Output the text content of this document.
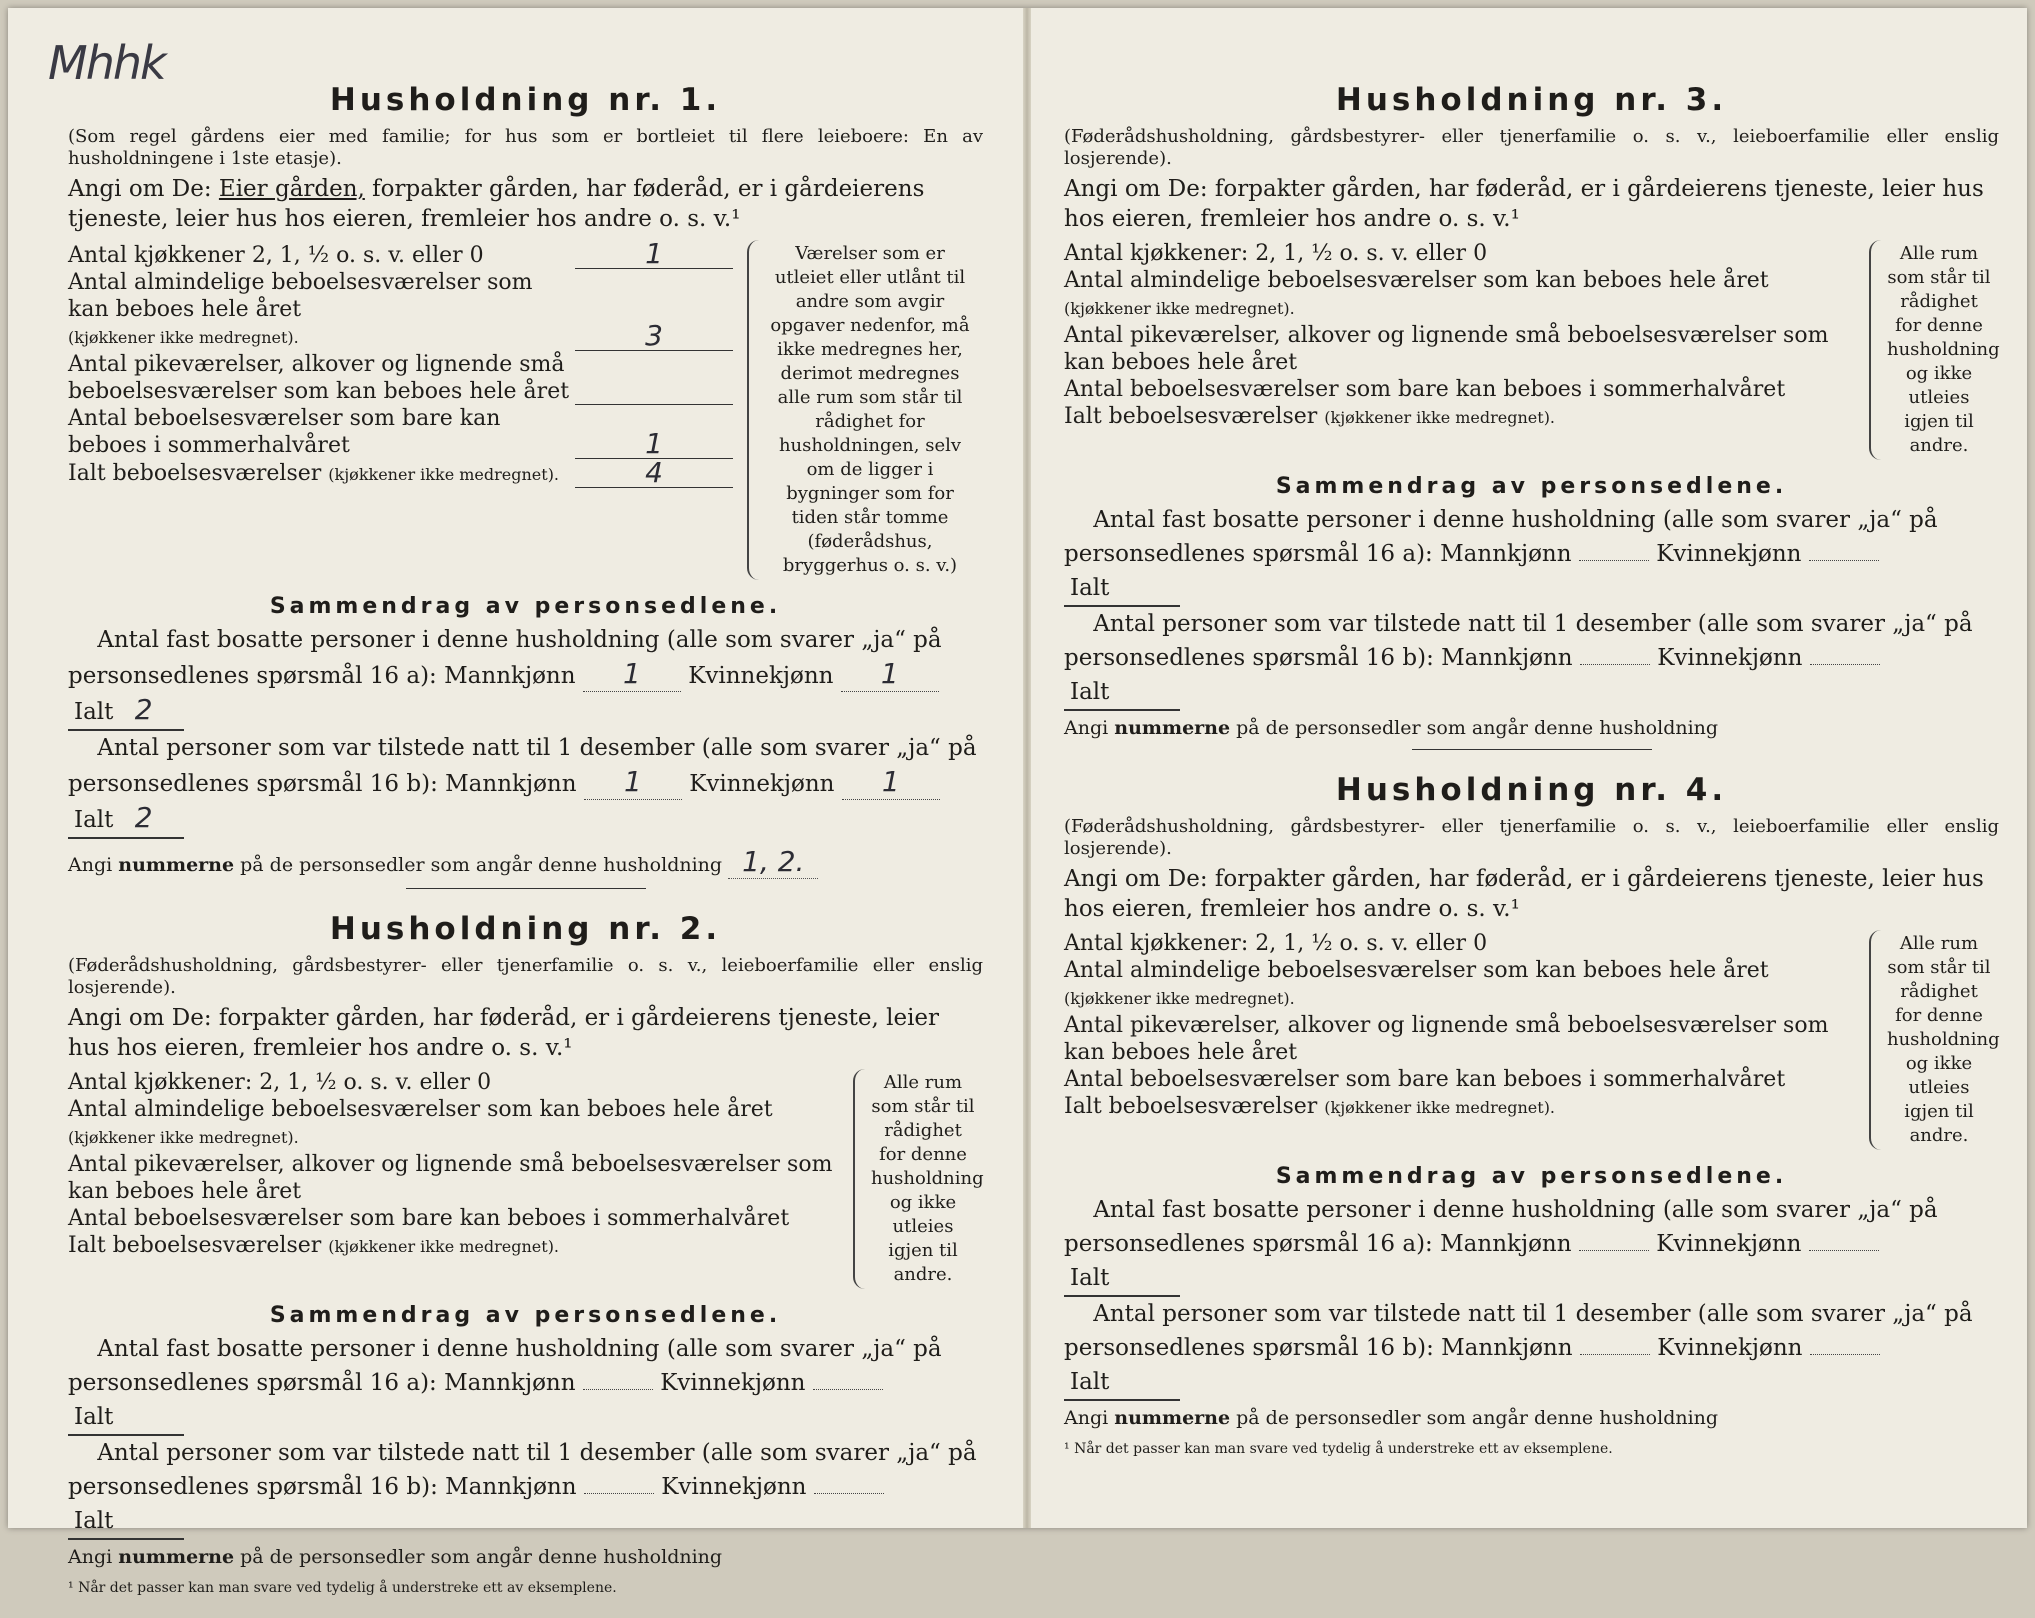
Mhhk
Husholdning nr. 1.

(Som regel gårdens eier med familie; for hus som er bortleiet til flere leieboere: En av husholdningene i 1ste etasje).

Angi om De: Eier gården, forpakter gården, har føderåd, er i gårdeierens tjeneste, leier hus hos eieren, fremleier hos andre o. s. v.¹
Antal kjøkkener 2, 1, ½ o. s. v. eller 0	1
Antal almindelige beboelsesværelser som kan beboes hele året
(kjøkkener ikke medregnet).	3
Antal pikeværelser, alkover og lignende små beboelsesværelser som kan beboes hele året
Antal beboelsesværelser som bare kan beboes i sommerhalvåret	1
Ialt beboelsesværelser (kjøkkener ikke medregnet).	4
Værelser som er utleiet eller utlånt til andre som avgir opgaver nedenfor, må ikke medregnes her, derimot medregnes alle rum som står til rådighet for husholdningen, selv om de ligger i bygninger som for tiden står tomme (føderådshus, bryggerhus o. s. v.)
Sammendrag av personsedlene.
Antal fast bosatte personer i denne husholdning (alle som svarer „ja“ på
personsedlenes spørsmål 16 a): Mannkjønn 1 Kvinnekjønn 1 Ialt 2
Antal personer som var tilstede natt til 1 desember (alle som svarer „ja“ på
personsedlenes spørsmål 16 b): Mannkjønn 1 Kvinnekjønn 1 Ialt 2
Angi nummerne på de personsedler som angår denne husholdning 1, 2.
Husholdning nr. 2.

(Føderådshusholdning, gårdsbestyrer- eller tjenerfamilie o. s. v., leieboerfamilie eller enslig losjerende).

Angi om De: forpakter gården, har føderåd, er i gårdeierens tjeneste, leier hus hos eieren, fremleier hos andre o. s. v.¹
Antal kjøkkener: 2, 1, ½ o. s. v. eller 0
Antal almindelige beboelsesværelser som kan beboes hele året (kjøkkener ikke medregnet).
Antal pikeværelser, alkover og lignende små beboelsesværelser som kan beboes hele året
Antal beboelsesværelser som bare kan beboes i sommerhalvåret
Ialt beboelsesværelser (kjøkkener ikke medregnet).
Alle rum som står til rådighet for denne husholdning og ikke utleies igjen til andre.
Sammendrag av personsedlene.
Antal fast bosatte personer i denne husholdning (alle som svarer „ja“ på
personsedlenes spørsmål 16 a): Mannkjønn	Kvinnekjønn  Ialt
Antal personer som var tilstede natt til 1 desember (alle som svarer „ja“ på
personsedlenes spørsmål 16 b): Mannkjønn	Kvinnekjønn  Ialt
Angi nummerne på de personsedler som angår denne husholdning
¹ Når det passer kan man svare ved tydelig å understreke ett av eksemplene.
Husholdning nr. 3.

(Føderådshusholdning, gårdsbestyrer- eller tjenerfamilie o. s. v., leieboerfamilie eller enslig losjerende).

Angi om De: forpakter gården, har føderåd, er i gårdeierens tjeneste, leier hus hos eieren, fremleier hos andre o. s. v.¹
Antal kjøkkener: 2, 1, ½ o. s. v. eller 0
Antal almindelige beboelsesværelser som kan beboes hele året (kjøkkener ikke medregnet).
Antal pikeværelser, alkover og lignende små beboelsesværelser som kan beboes hele året
Antal beboelsesværelser som bare kan beboes i sommerhalvåret
Ialt beboelsesværelser (kjøkkener ikke medregnet).
Alle rum som står til rådighet for denne husholdning og ikke utleies igjen til andre.
Sammendrag av personsedlene.
Antal fast bosatte personer i denne husholdning (alle som svarer „ja“ på
personsedlenes spørsmål 16 a): Mannkjønn	Kvinnekjønn  Ialt
Antal personer som var tilstede natt til 1 desember (alle som svarer „ja“ på
personsedlenes spørsmål 16 b): Mannkjønn	Kvinnekjønn  Ialt
Angi nummerne på de personsedler som angår denne husholdning
Husholdning nr. 4.

(Føderådshusholdning, gårdsbestyrer- eller tjenerfamilie o. s. v., leieboerfamilie eller enslig losjerende).

Angi om De: forpakter gården, har føderåd, er i gårdeierens tjeneste, leier hus hos eieren, fremleier hos andre o. s. v.¹
Antal kjøkkener: 2, 1, ½ o. s. v. eller 0
Antal almindelige beboelsesværelser som kan beboes hele året (kjøkkener ikke medregnet).
Antal pikeværelser, alkover og lignende små beboelsesværelser som kan beboes hele året
Antal beboelsesværelser som bare kan beboes i sommerhalvåret
Ialt beboelsesværelser (kjøkkener ikke medregnet).
Alle rum som står til rådighet for denne husholdning og ikke utleies igjen til andre.
Sammendrag av personsedlene.
Antal fast bosatte personer i denne husholdning (alle som svarer „ja“ på
personsedlenes spørsmål 16 a): Mannkjønn	Kvinnekjønn  Ialt
Antal personer som var tilstede natt til 1 desember (alle som svarer „ja“ på
personsedlenes spørsmål 16 b): Mannkjønn	Kvinnekjønn  Ialt
Angi nummerne på de personsedler som angår denne husholdning
¹ Når det passer kan man svare ved tydelig å understreke ett av eksemplene.
